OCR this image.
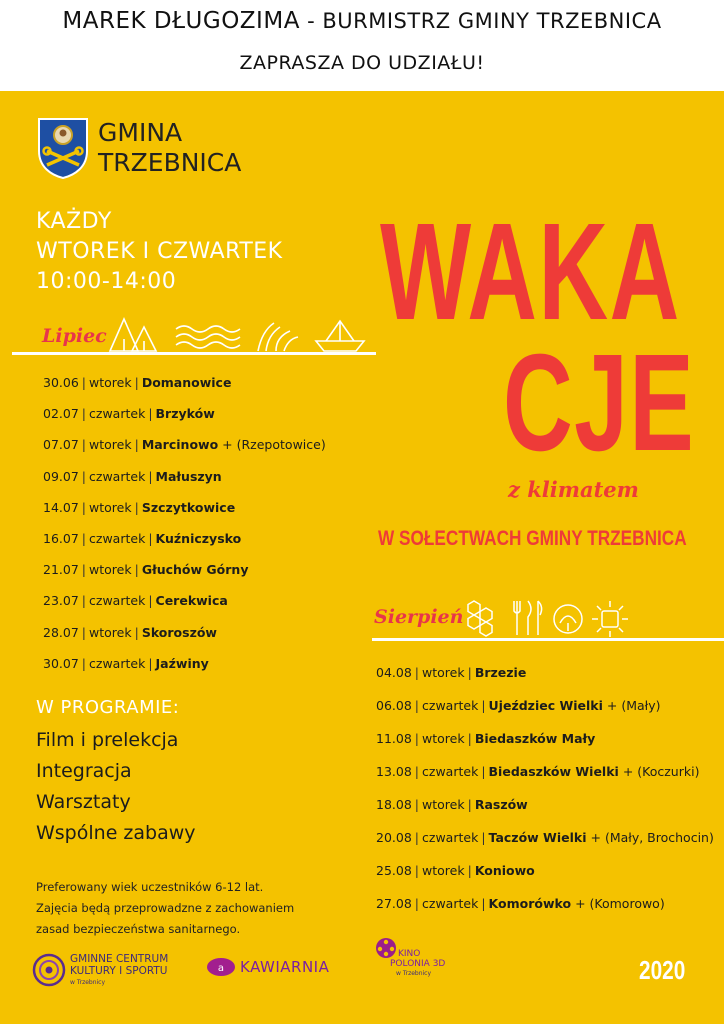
MAREK DŁUGOZIMA - BURMISTRZ GMINY TRZEBNICA
ZAPRASZA DO UDZIAŁU!
GMINA
TRZEBNICA
KAŻDY
WTOREK I CZWARTEK
10:00-14:00
Lipiec
30.06 | wtorek | Domanowice
02.07 | czwartek | Brzyków
07.07 | wtorek | Marcinowo + (Rzepotowice)
09.07 | czwartek | Małuszyn
14.07 | wtorek | Szczytkowice
16.07 | czwartek | Kuźniczysko
21.07 | wtorek | Głuchów Górny
23.07 | czwartek | Cerekwica
28.07 | wtorek | Skoroszów
30.07 | czwartek | Jaźwiny
WAKA
CJE
z klimatem
W SOŁECTWACH GMINY TRZEBNICA
Sierpień
04.08 | wtorek | Brzezie
06.08 | czwartek | Ujeździec Wielki + (Mały)
11.08 | wtorek | Biedaszków Mały
13.08 | czwartek | Biedaszków Wielki + (Koczurki)
18.08 | wtorek | Raszów
20.08 | czwartek | Taczów Wielki + (Mały, Brochocin)
25.08 | wtorek | Koniowo
27.08 | czwartek | Komorówko + (Komorowo)
W PROGRAMIE:
Film i prelekcja
Integracja
Warsztaty
Wspólne zabawy
Preferowany wiek uczestników 6-12 lat.
Zajęcia będą przeprowadzne z zachowaniem
zasad bezpieczeństwa sanitarnego.
GMINNE CENTRUM
KULTURY I SPORTU
w Trzebnicy
a KAWIARNIA
KINO
POLONIA 3D
w Trzebnicy	2020
